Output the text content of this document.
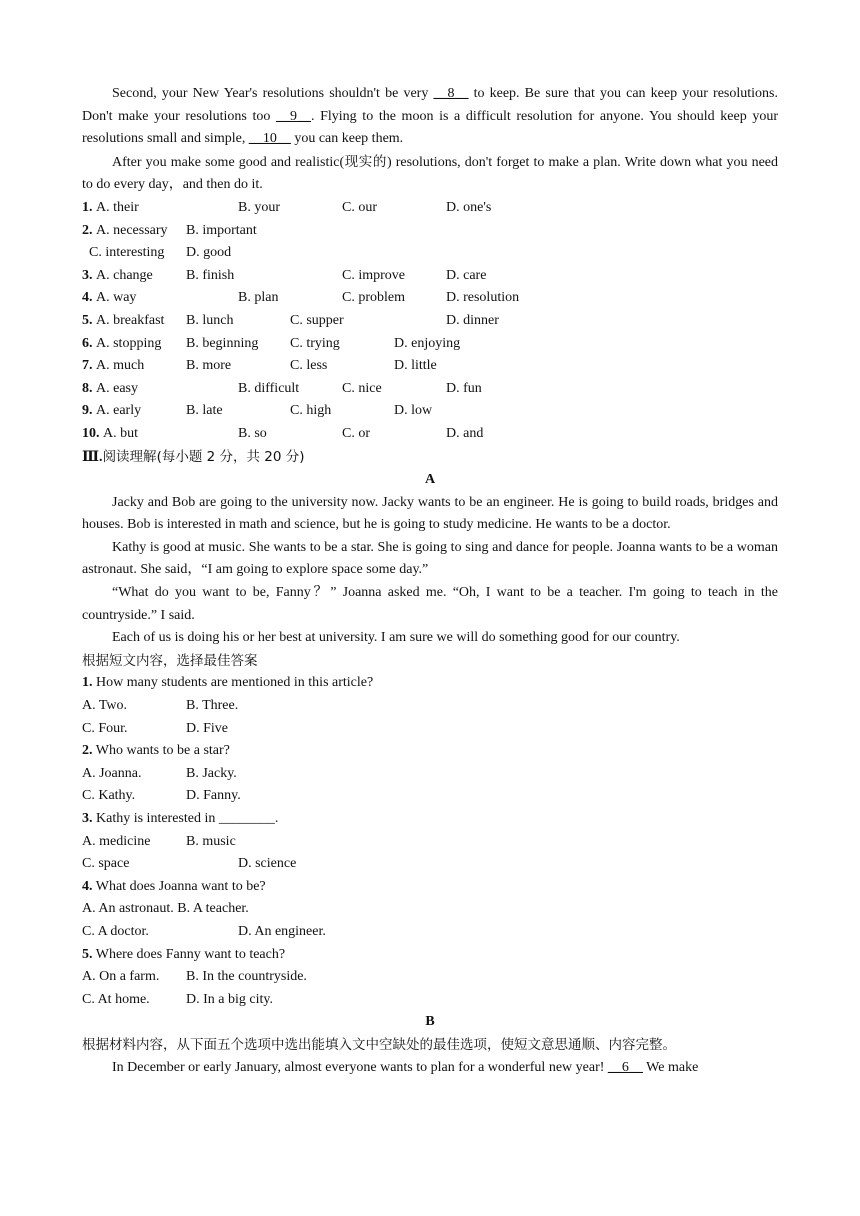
Second, your New Year's resolutions shouldn't be very __8__ to keep. Be sure that you can keep your resolutions. Don't make your resolutions too __9__. Flying to the moon is a difficult resolution for anyone. You should keep your resolutions small and simple, __10__ you can keep them.

After you make some good and realistic(现实的) resolutions, don't forget to make a plan. Write down what you need to do every day，and then do it.

1. A. their	B. your	C. our	D. one's
2. A. necessary	B. important
C. interesting	D. good
3. A. change	B. finish	C. improve	D. care
4. A. way	B. plan	C. problem	D. resolution
5. A. breakfast	B. lunch	C. supper	D. dinner
6. A. stopping	B. beginning	C. trying	D. enjoying
7. A. much	B. more	C. less	D. little
8. A. easy	B. difficult	C. nice	D. fun
9. A. early	B. late	C. high	D. low
10. A. but	B. so	C. or	D. and

Ⅲ.阅读理解(每小题 2 分，共 20 分)

A

Jacky and Bob are going to the university now. Jacky wants to be an engineer. He is going to build roads, bridges and houses. Bob is interested in math and science, but he is going to study medicine. He wants to be a doctor.

Kathy is good at music. She wants to be a star. She is going to sing and dance for people. Joanna wants to be a woman astronaut. She said，“I am going to explore space some day.”

“What do you want to be, Fanny？” Joanna asked me. “Oh, I want to be a teacher. I'm going to teach in the countryside.” I said.

Each of us is doing his or her best at university. I am sure we will do something good for our country.

根据短文内容，选择最佳答案

1. How many students are mentioned in this article?

A. Two.	B. Three.
C. Four.	D. Five

2. Who wants to be a star?

A. Joanna.	B. Jacky.
C. Kathy.	D. Fanny.

3. Kathy is interested in ________.

A. medicine	B. music
C. space	D. science

4. What does Joanna want to be?

A. An astronaut.
B. A teacher.
C. A doctor.	D. An engineer.

5. Where does Fanny want to teach?

A. On a farm.	B. In the countryside.
C. At home.	D. In a big city.

B

根据材料内容，从下面五个选项中选出能填入文中空缺处的最佳选项，使短文意思通顺、内容完整。

In December or early January, almost everyone wants to plan for a wonderful new year! __6__ We make
